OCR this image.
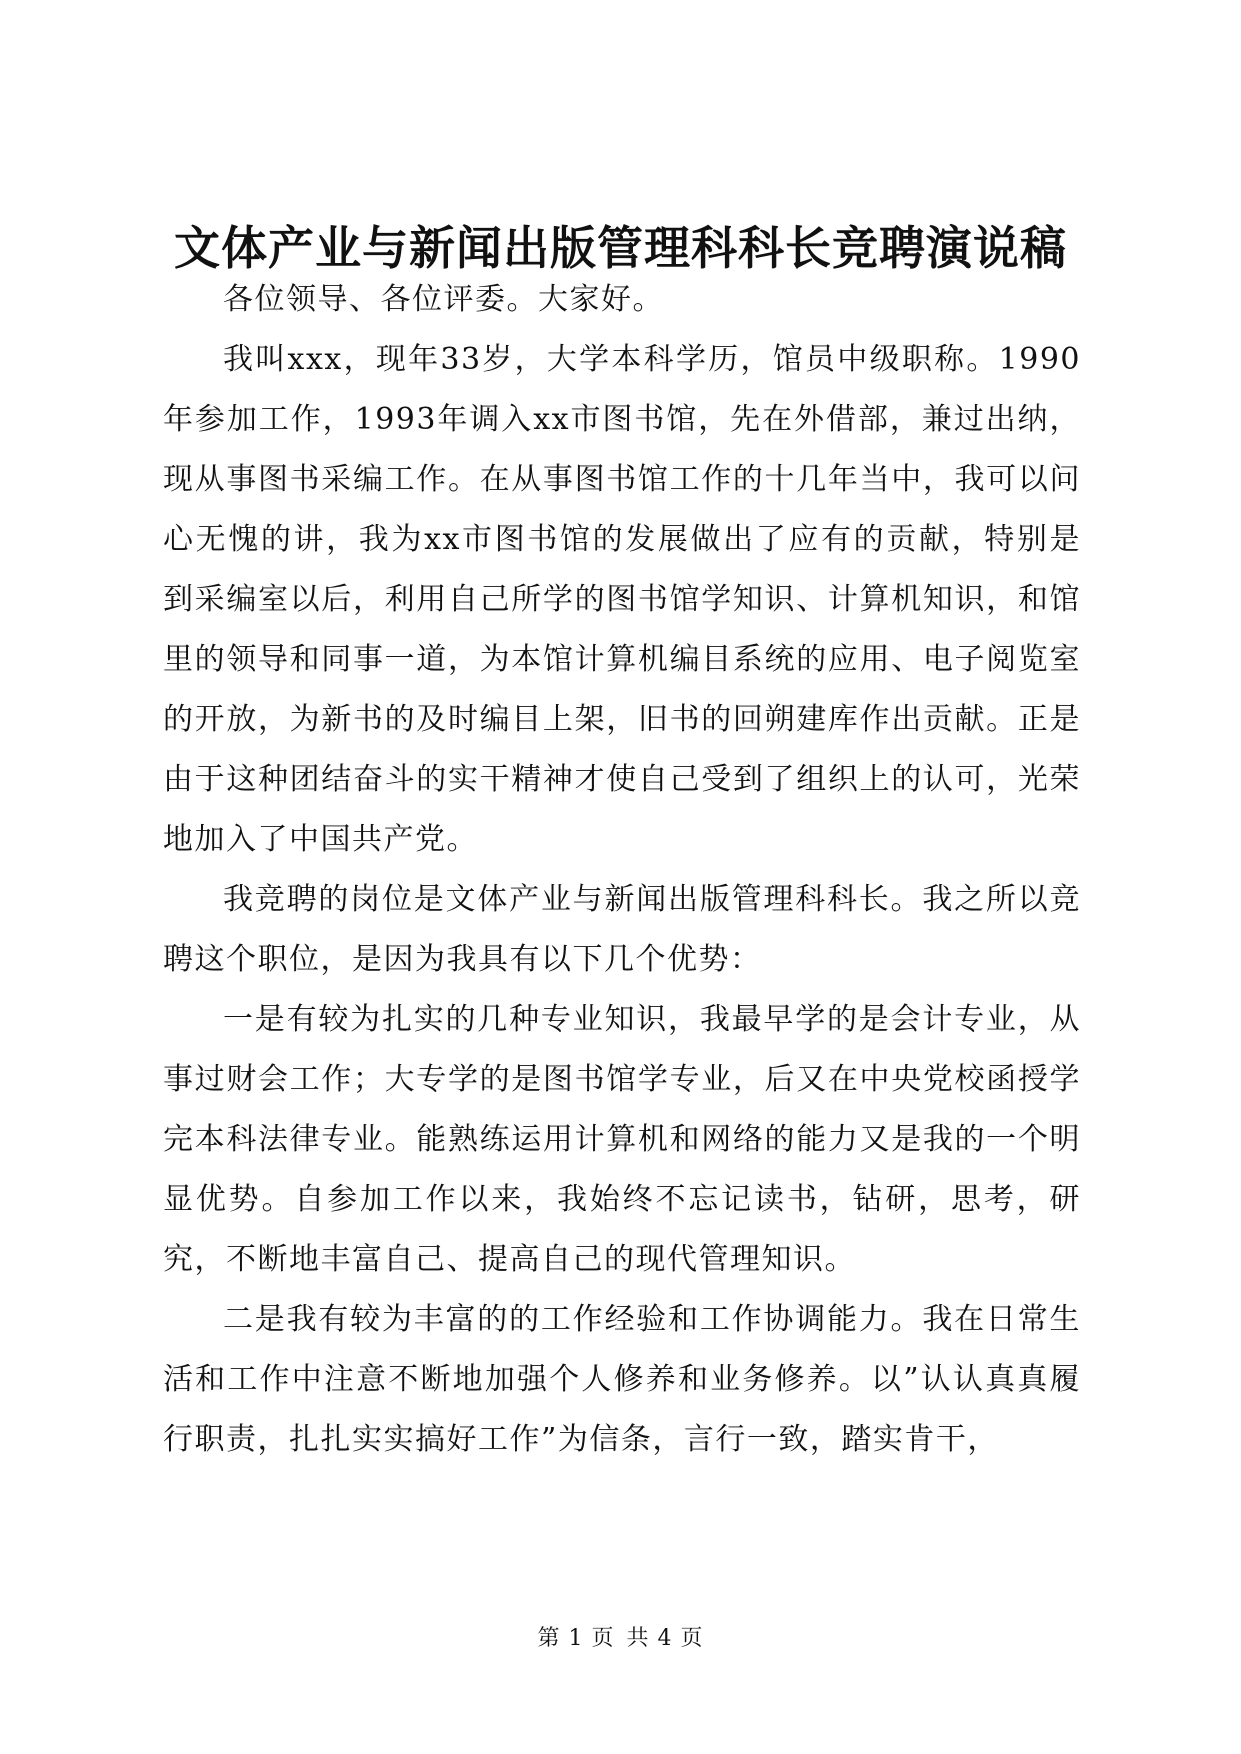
文体产业与新闻出版管理科科长竞聘演说稿

各位领导、各位评委。大家好。

我叫xxx，现年33岁，大学本科学历，馆员中级职称。1990年参加工作，1993年调入xx市图书馆，先在外借部，兼过出纳，现从事图书采编工作。在从事图书馆工作的十几年当中，我可以问心无愧的讲，我为xx市图书馆的发展做出了应有的贡献，特别是到采编室以后，利用自己所学的图书馆学知识、计算机知识，和馆里的领导和同事一道，为本馆计算机编目系统的应用、电子阅览室的开放，为新书的及时编目上架，旧书的回朔建库作出贡献。正是由于这种团结奋斗的实干精神才使自己受到了组织上的认可，光荣地加入了中国共产党。

我竞聘的岗位是文体产业与新闻出版管理科科长。我之所以竞聘这个职位，是因为我具有以下几个优势：

一是有较为扎实的几种专业知识，我最早学的是会计专业，从事过财会工作；大专学的是图书馆学专业，后又在中央党校函授学完本科法律专业。能熟练运用计算机和网络的能力又是我的一个明显优势。自参加工作以来，我始终不忘记读书，钻研，思考，研究，不断地丰富自己、提高自己的现代管理知识。

二是我有较为丰富的的工作经验和工作协调能力。我在日常生活和工作中注意不断地加强个人修养和业务修养。以”认认真真履行职责，扎扎实实搞好工作”为信条，言行一致，踏实肯干，

第 1 页 共 4 页
